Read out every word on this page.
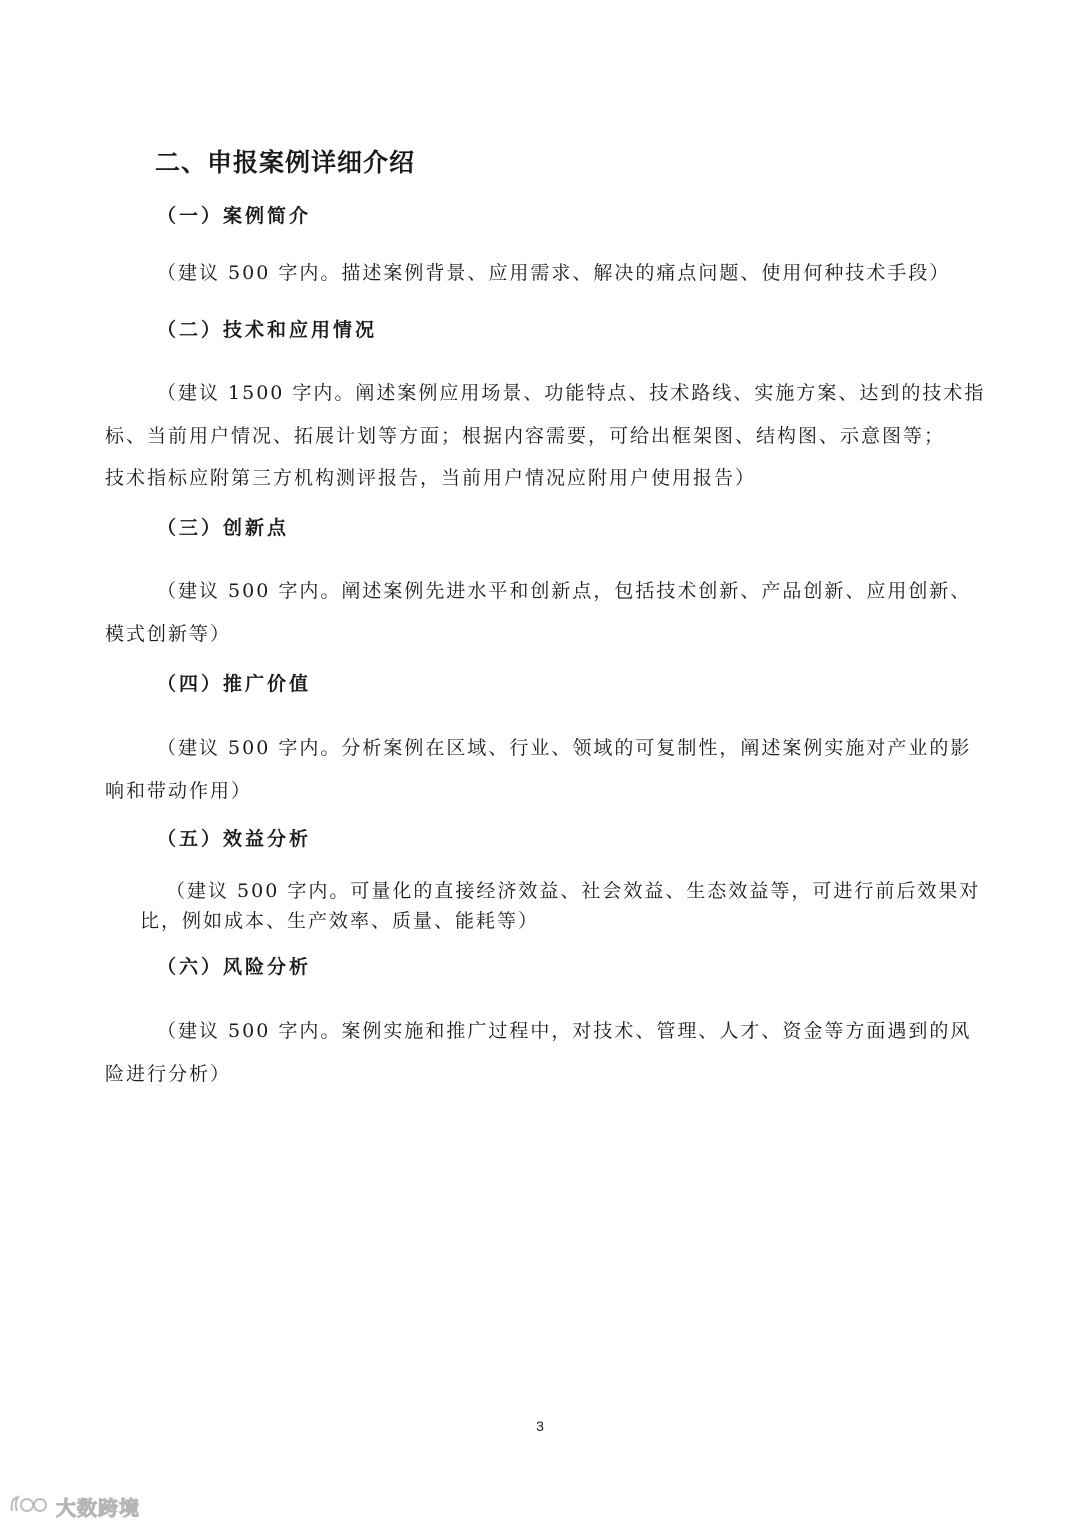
二、申报案例详细介绍
（一）案例简介

（建议 500 字内。描述案例背景、应用需求、解决的痛点问题、使用何种技术手段）

（二）技术和应用情况

（建议 1500 字内。阐述案例应用场景、功能特点、技术路线、实施方案、达到的技术指
标、当前用户情况、拓展计划等方面；根据内容需要，可给出框架图、结构图、示意图等；
技术指标应附第三方机构测评报告，当前用户情况应附用户使用报告）

（三）创新点

（建议 500 字内。阐述案例先进水平和创新点，包括技术创新、产品创新、应用创新、
模式创新等）

（四）推广价值

（建议 500 字内。分析案例在区域、行业、领域的可复制性，阐述案例实施对产业的影
响和带动作用）

（五）效益分析

（建议 500 字内。可量化的直接经济效益、社会效益、生态效益等，可进行前后效果对
比，例如成本、生产效率、质量、能耗等）

（六）风险分析

（建议 500 字内。案例实施和推广过程中，对技术、管理、人才、资金等方面遇到的风
险进行分析）

3
大数跨境
